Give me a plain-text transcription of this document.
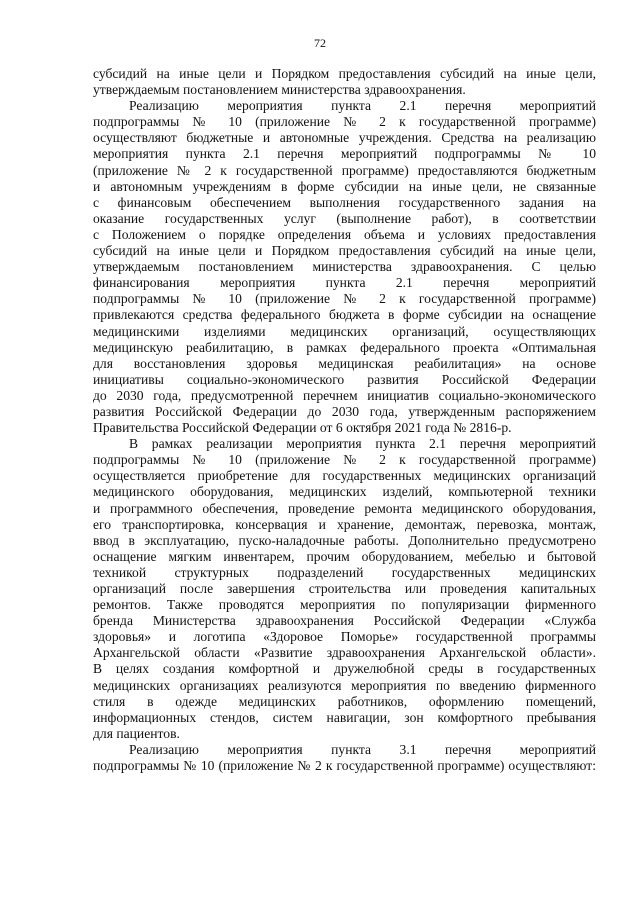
72
субсидий на иные цели и Порядком предоставления субсидий на иные цели,
утверждаемым постановлением министерства здравоохранения.
Реализацию мероприятия пункта 2.1 перечня мероприятий
подпрограммы № 10 (приложение № 2 к государственной программе)
осуществляют бюджетные и автономные учреждения. Средства на реализацию
мероприятия пункта 2.1 перечня мероприятий подпрограммы № 10
(приложение № 2 к государственной программе) предоставляются бюджетным
и автономным учреждениям в форме субсидии на иные цели, не связанные
с финансовым обеспечением выполнения государственного задания на
оказание государственных услуг (выполнение работ), в соответствии
с Положением о порядке определения объема и условиях предоставления
субсидий на иные цели и Порядком предоставления субсидий на иные цели,
утверждаемым постановлением министерства здравоохранения. С целью
финансирования мероприятия пункта 2.1 перечня мероприятий
подпрограммы № 10 (приложение № 2 к государственной программе)
привлекаются средства федерального бюджета в форме субсидии на оснащение
медицинскими изделиями медицинских организаций, осуществляющих
медицинскую реабилитацию, в рамках федерального проекта «Оптимальная
для восстановления здоровья медицинская реабилитация» на основе
инициативы социально-экономического развития Российской Федерации
до 2030 года, предусмотренной перечнем инициатив социально-экономического
развития Российской Федерации до 2030 года, утвержденным распоряжением
Правительства Российской Федерации от 6 октября 2021 года № 2816-р.
В рамках реализации мероприятия пункта 2.1 перечня мероприятий
подпрограммы № 10 (приложение № 2 к государственной программе)
осуществляется приобретение для государственных медицинских организаций
медицинского оборудования, медицинских изделий, компьютерной техники
и программного обеспечения, проведение ремонта медицинского оборудования,
его транспортировка, консервация и хранение, демонтаж, перевозка, монтаж,
ввод в эксплуатацию, пуско-наладочные работы. Дополнительно предусмотрено
оснащение мягким инвентарем, прочим оборудованием, мебелью и бытовой
техникой структурных подразделений государственных медицинских
организаций после завершения строительства или проведения капитальных
ремонтов. Также проводятся мероприятия по популяризации фирменного
бренда Министерства здравоохранения Российской Федерации «Служба
здоровья» и логотипа «Здоровое Поморье» государственной программы
Архангельской области «Развитие здравоохранения Архангельской области».
В целях создания комфортной и дружелюбной среды в государственных
медицинских организациях реализуются мероприятия по введению фирменного
стиля в одежде медицинских работников, оформлению помещений,
информационных стендов, систем навигации, зон комфортного пребывания
для пациентов.
Реализацию мероприятия пункта 3.1 перечня мероприятий
подпрограммы № 10 (приложение № 2 к государственной программе) осуществляют:
